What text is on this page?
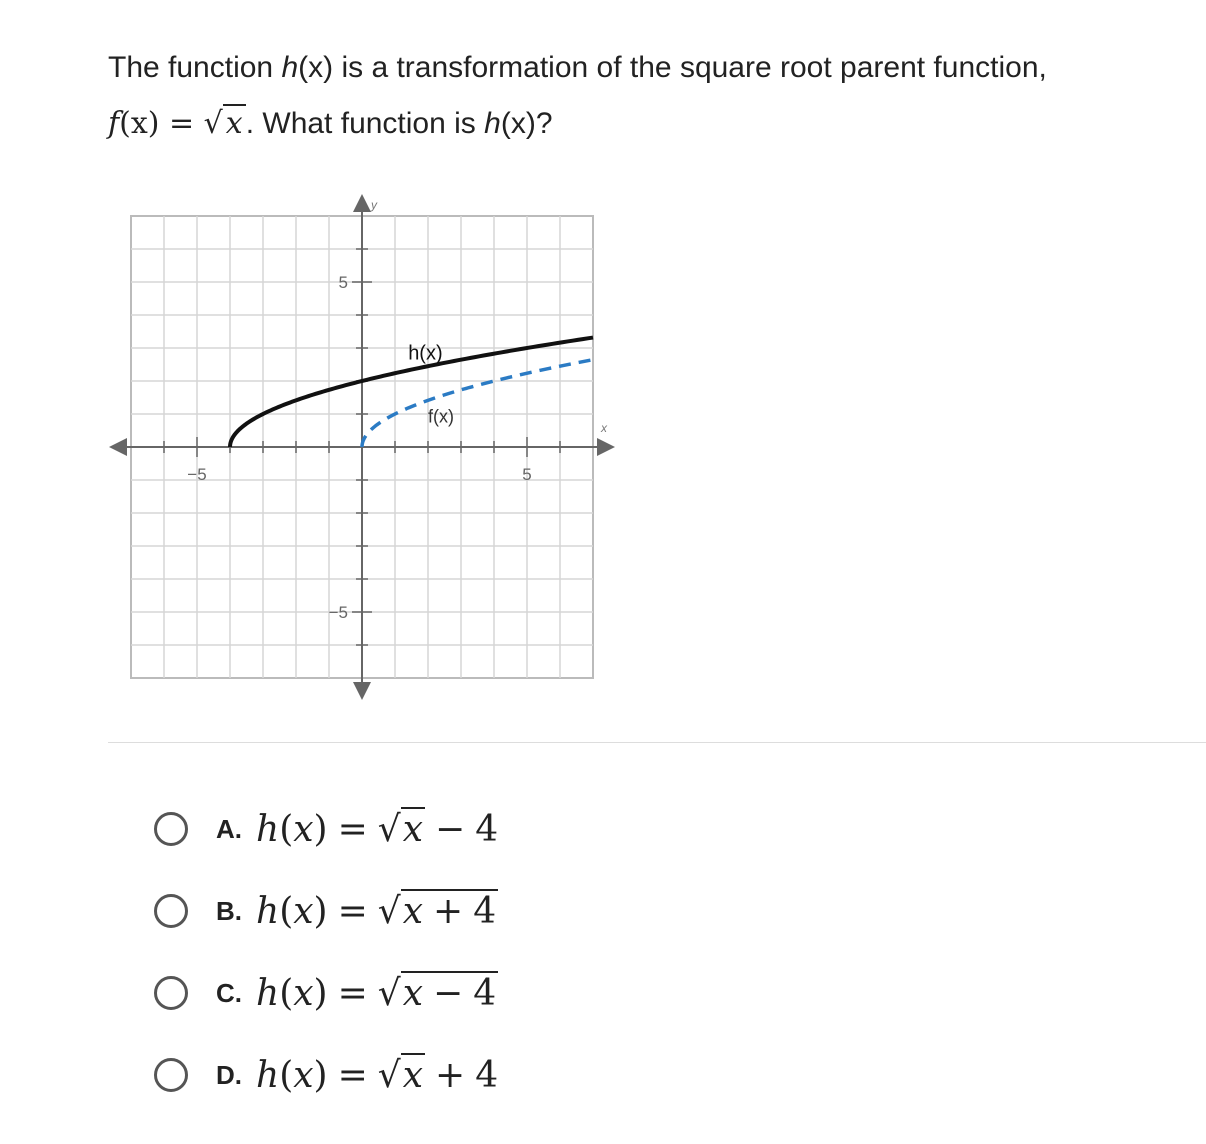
The function h(x) is a transformation of the square root parent function,
f(x) = √ x . What function is h(x)?
h(x)
f(x)
−5	5
5
−5
y
x
A. h(x) = √x − 4
B. h(x) = √x + 4
C. h(x) = √x − 4
D. h(x) = √x + 4
